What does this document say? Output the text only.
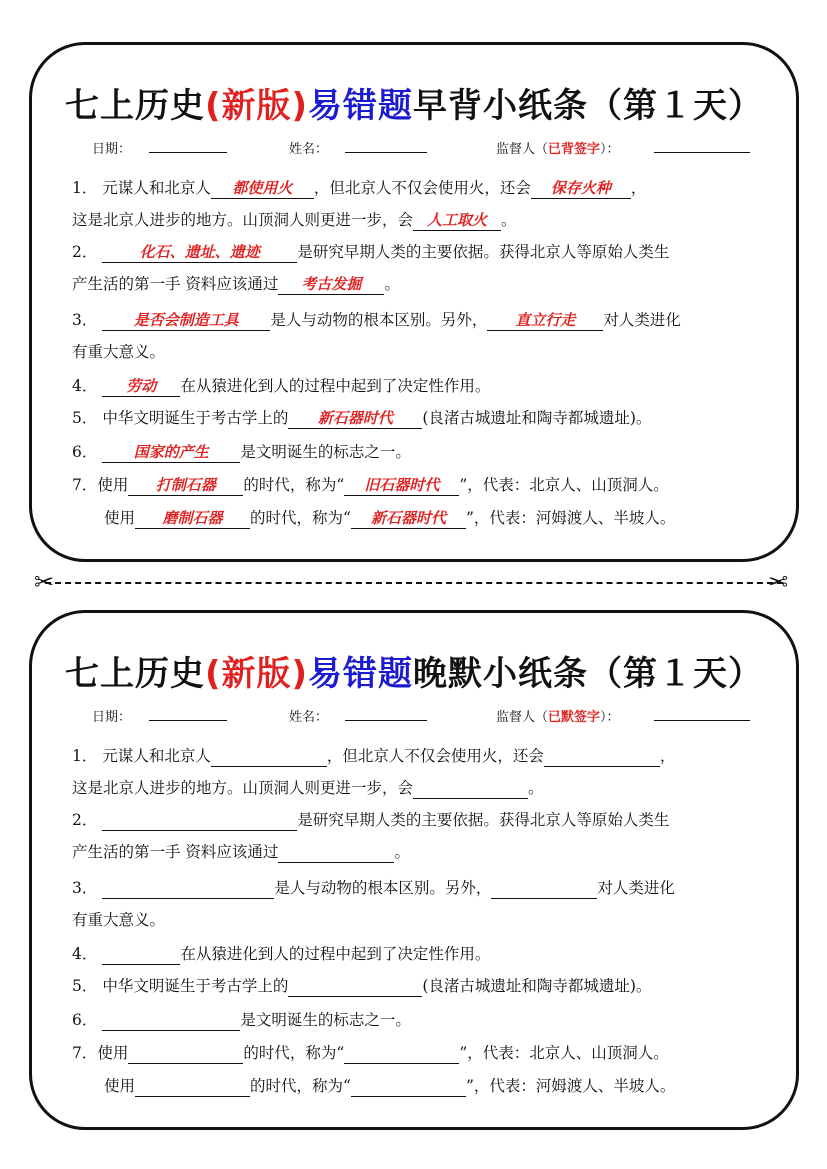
七上历史(新版)易错题早背小纸条（第１天）
日期：	姓名：	监督人（已背签字）：
1． 元谋人和北京人 都使用火 ，但北京人不仅会使用火，还会 保存火种 ，
这是北京人进步的地方。山顶洞人则更进一步，会 人工取火 。
2．	化石、遗址、遗迹 是研究早期人类的主要依据。获得北京人等原始人类生
产生活的第一手 资料应该通过 考古发掘 。
3． 是否会制造工具 是人与动物的根本区别。另外， 直立行走 对人类进化
有重大意义。
4． 劳动 在从猿进化到人的过程中起到了决定性作用。
5． 中华文明诞生于考古学上的 新石器时代 (良渚古城遗址和陶寺都城遗址)。
6． 国家的产生 是文明诞生的标志之一。
7．使用 打制石器 的时代，称为“ 旧石器时代 ”，代表：北京人、山顶洞人。
使用 磨制石器 的时代，称为“ 新石器时代 ”，代表：河姆渡人、半坡人。
✂	✂
七上历史(新版)易错题晚默小纸条（第１天）
日期：	姓名：	监督人（已默签字）：
1． 元谋人和北京人	，但北京人不仅会使用火，还会	，
这是北京人进步的地方。山顶洞人则更进一步，会	。
2．	是研究早期人类的主要依据。获得北京人等原始人类生
产生活的第一手 资料应该通过	。
3．	是人与动物的根本区别。另外，	对人类进化
有重大意义。
4．	在从猿进化到人的过程中起到了决定性作用。
5． 中华文明诞生于考古学上的	(良渚古城遗址和陶寺都城遗址)。
6．	是文明诞生的标志之一。
7．使用	的时代，称为“	”，代表：北京人、山顶洞人。
使用	的时代，称为“	”，代表：河姆渡人、半坡人。
